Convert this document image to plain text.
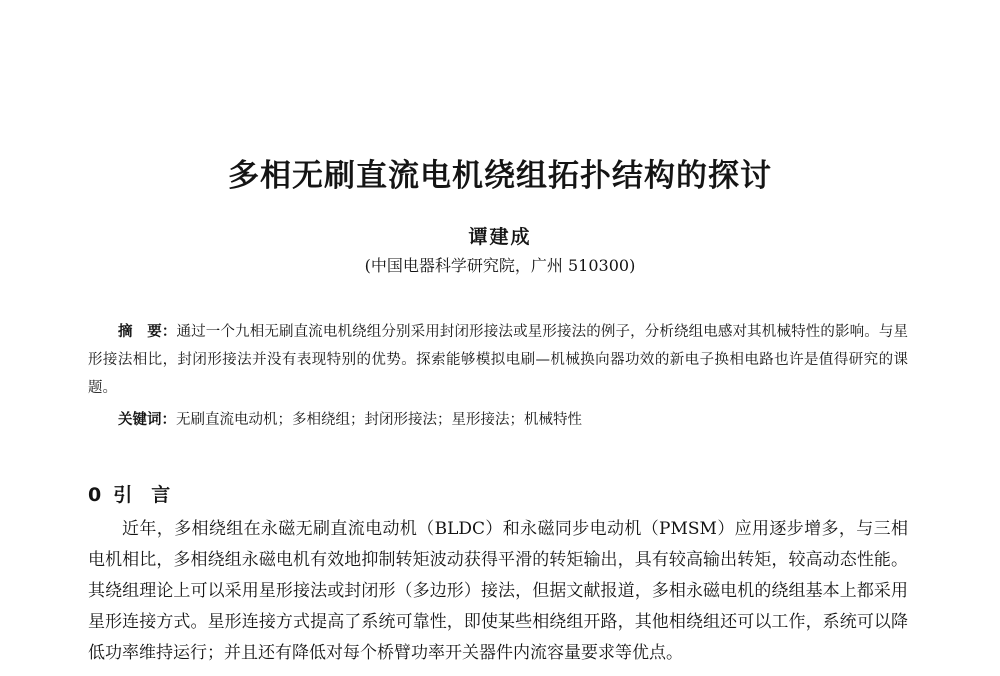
多相无刷直流电机绕组拓扑结构的探讨
谭建成
(中国电器科学研究院，广州 510300)
摘　要：通过一个九相无刷直流电机绕组分别采用封闭形接法或星形接法的例子，分析绕组电感对其机械特性的影响。与星形接法相比，封闭形接法并没有表现特别的优势。探索能够模拟电刷—机械换向器功效的新电子换相电路也许是值得研究的课题。
关键词：无刷直流电动机；多相绕组；封闭形接法；星形接法；机械特性
0 引　言
近年，多相绕组在永磁无刷直流电动机（BLDC）和永磁同步电动机（PMSM）应用逐步增多，与三相电机相比，多相绕组永磁电机有效地抑制转矩波动获得平滑的转矩输出，具有较高输出转矩，较高动态性能。其绕组理论上可以采用星形接法或封闭形（多边形）接法，但据文献报道，多相永磁电机的绕组基本上都采用星形连接方式。星形连接方式提高了系统可靠性，即使某些相绕组开路，其他相绕组还可以工作，系统可以降低功率维持运行；并且还有降低对每个桥臂功率开关器件内流容量要求等优点。
